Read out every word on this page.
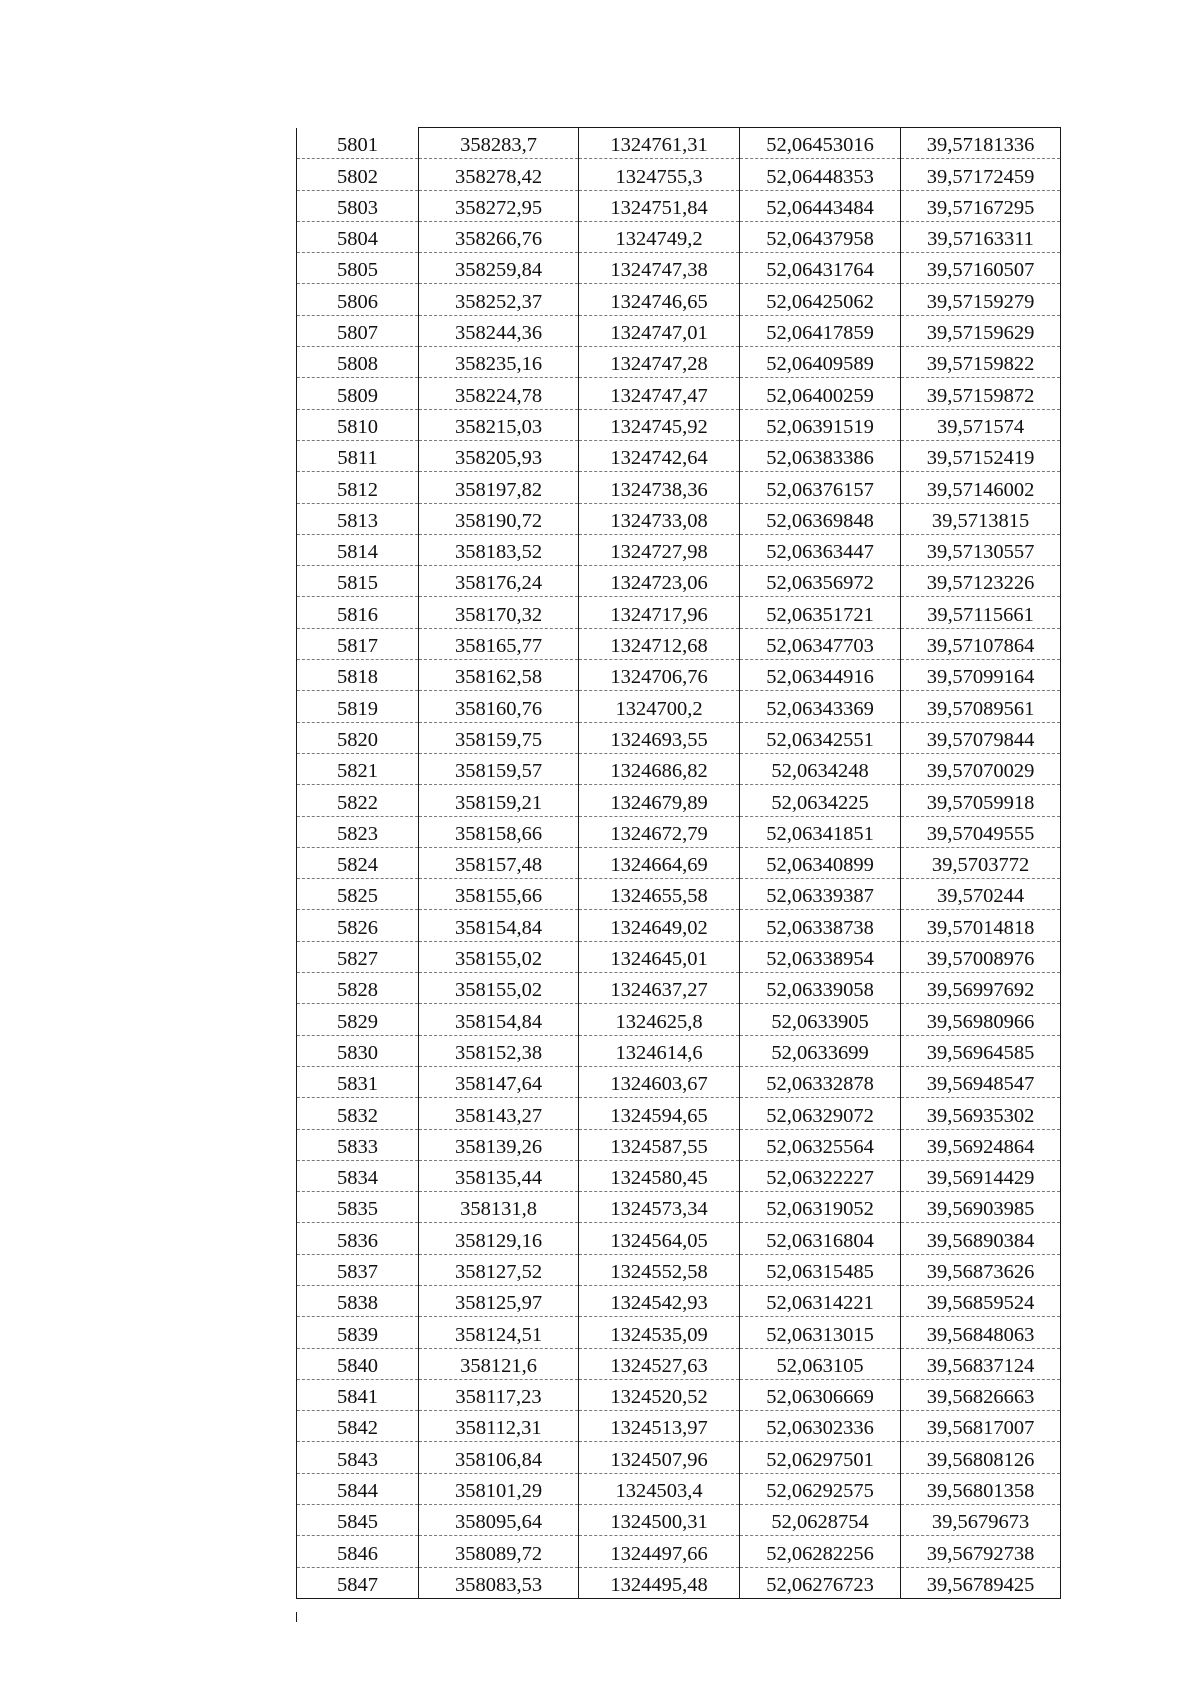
5801	358283,7	1324761,31	52,06453016	39,57181336
5802	358278,42	1324755,3	52,06448353	39,57172459
5803	358272,95	1324751,84	52,06443484	39,57167295
5804	358266,76	1324749,2	52,06437958	39,57163311
5805	358259,84	1324747,38	52,06431764	39,57160507
5806	358252,37	1324746,65	52,06425062	39,57159279
5807	358244,36	1324747,01	52,06417859	39,57159629
5808	358235,16	1324747,28	52,06409589	39,57159822
5809	358224,78	1324747,47	52,06400259	39,57159872
5810	358215,03	1324745,92	52,06391519	39,571574
5811	358205,93	1324742,64	52,06383386	39,57152419
5812	358197,82	1324738,36	52,06376157	39,57146002
5813	358190,72	1324733,08	52,06369848	39,5713815
5814	358183,52	1324727,98	52,06363447	39,57130557
5815	358176,24	1324723,06	52,06356972	39,57123226
5816	358170,32	1324717,96	52,06351721	39,57115661
5817	358165,77	1324712,68	52,06347703	39,57107864
5818	358162,58	1324706,76	52,06344916	39,57099164
5819	358160,76	1324700,2	52,06343369	39,57089561
5820	358159,75	1324693,55	52,06342551	39,57079844
5821	358159,57	1324686,82	52,0634248	39,57070029
5822	358159,21	1324679,89	52,0634225	39,57059918
5823	358158,66	1324672,79	52,06341851	39,57049555
5824	358157,48	1324664,69	52,06340899	39,5703772
5825	358155,66	1324655,58	52,06339387	39,570244
5826	358154,84	1324649,02	52,06338738	39,57014818
5827	358155,02	1324645,01	52,06338954	39,57008976
5828	358155,02	1324637,27	52,06339058	39,56997692
5829	358154,84	1324625,8	52,0633905	39,56980966
5830	358152,38	1324614,6	52,0633699	39,56964585
5831	358147,64	1324603,67	52,06332878	39,56948547
5832	358143,27	1324594,65	52,06329072	39,56935302
5833	358139,26	1324587,55	52,06325564	39,56924864
5834	358135,44	1324580,45	52,06322227	39,56914429
5835	358131,8	1324573,34	52,06319052	39,56903985
5836	358129,16	1324564,05	52,06316804	39,56890384
5837	358127,52	1324552,58	52,06315485	39,56873626
5838	358125,97	1324542,93	52,06314221	39,56859524
5839	358124,51	1324535,09	52,06313015	39,56848063
5840	358121,6	1324527,63	52,063105	39,56837124
5841	358117,23	1324520,52	52,06306669	39,56826663
5842	358112,31	1324513,97	52,06302336	39,56817007
5843	358106,84	1324507,96	52,06297501	39,56808126
5844	358101,29	1324503,4	52,06292575	39,56801358
5845	358095,64	1324500,31	52,0628754	39,5679673
5846	358089,72	1324497,66	52,06282256	39,56792738
5847	358083,53	1324495,48	52,06276723	39,56789425
